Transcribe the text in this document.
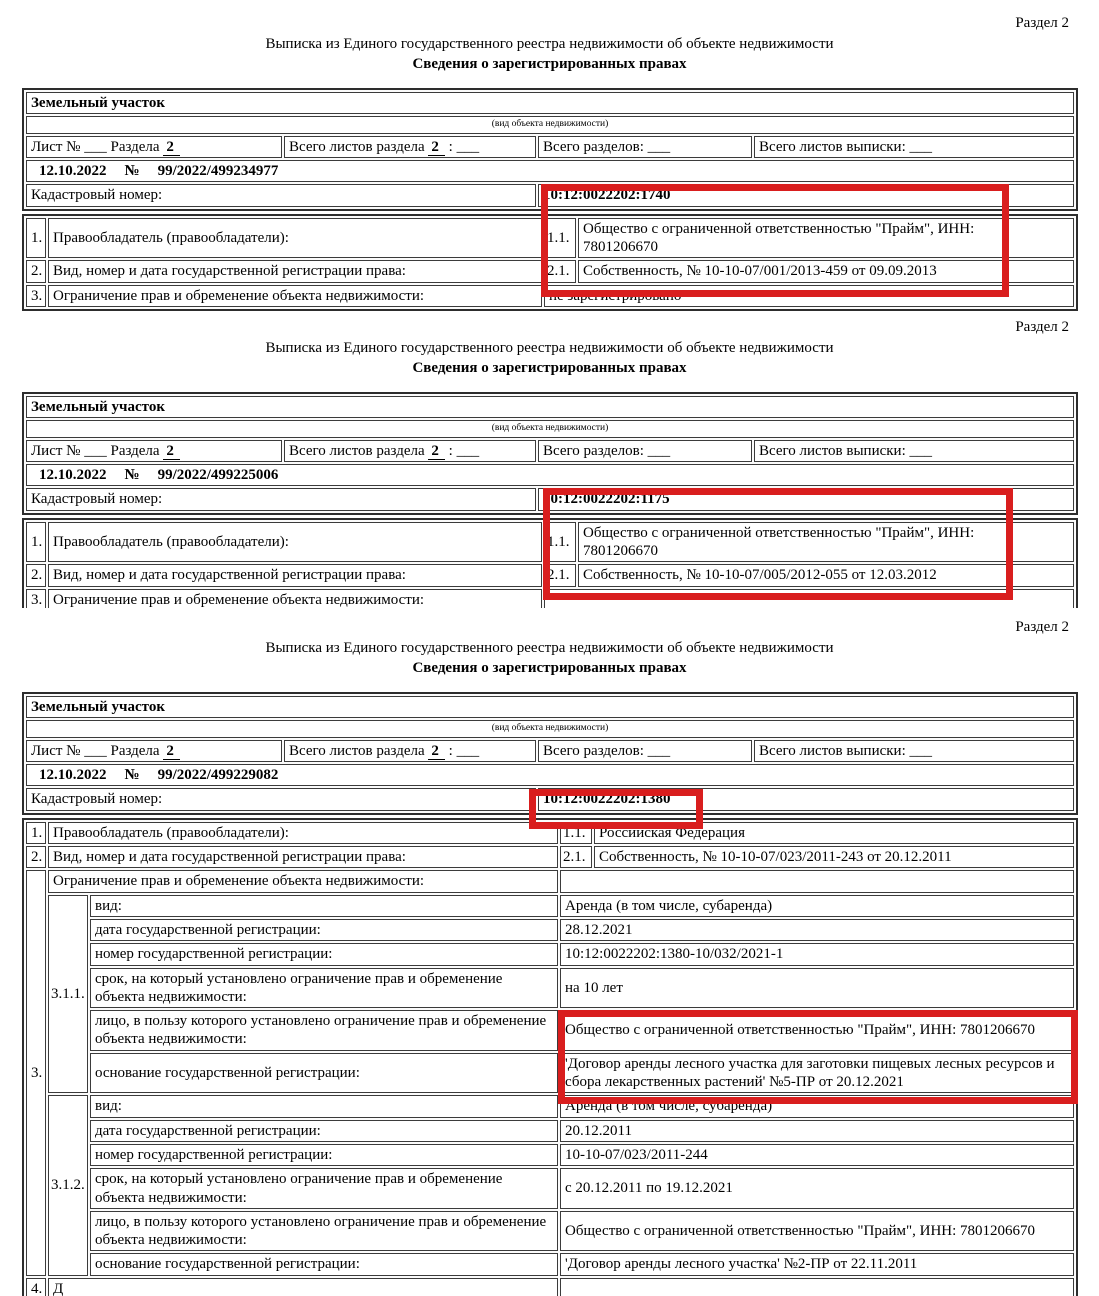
Раздел 2
Выписка из Единого государственного реестра недвижимости об объекте недвижимости
Сведения о зарегистрированных правах
Земельный участок			
(вид объекта недвижимости)			
Лист № ___ Раздела 2	Всего листов раздела 2 : ___	Всего разделов: ___	Всего листов выписки: ___
12.10.2022 № 99/2022/499234977			
Кадастровый номер:		10:12:0022202:1740	
1.	Правообладатель (правообладатели):	1.1.	Общество с ограниченной ответственностью "Прайм", ИНН: 7801206670
2.	Вид, номер и дата государственной регистрации права:	2.1.	Собственность, № 10-10-07/001/2013-459 от 09.09.2013
3.	Ограничение прав и обременение объекта недвижимости:	не зарегистрировано	
Раздел 2
Выписка из Единого государственного реестра недвижимости об объекте недвижимости
Сведения о зарегистрированных правах
Земельный участок			
(вид объекта недвижимости)			
Лист № ___ Раздела 2	Всего листов раздела 2 : ___	Всего разделов: ___	Всего листов выписки: ___
12.10.2022 № 99/2022/499225006			
Кадастровый номер:		10:12:0022202:1175	
1.	Правообладатель (правообладатели):	1.1.	Общество с ограниченной ответственностью "Прайм", ИНН: 7801206670
2.	Вид, номер и дата государственной регистрации права:	2.1.	Собственность, № 10-10-07/005/2012-055 от 12.03.2012
3.	Ограничение прав и обременение объекта недвижимости:		
Раздел 2
Выписка из Единого государственного реестра недвижимости об объекте недвижимости
Сведения о зарегистрированных правах
Земельный участок			
(вид объекта недвижимости)			
Лист № ___ Раздела 2	Всего листов раздела 2 : ___	Всего разделов: ___	Всего листов выписки: ___
12.10.2022 № 99/2022/499229082			
Кадастровый номер:		10:12:0022202:1380	
1.	Правообладатель (правообладатели):		1.1.	Российская Федерация
2.	Вид, номер и дата государственной регистрации права:		2.1.	Собственность, № 10-10-07/023/2011-243 от 20.12.2011
3.	Ограничение прав и обременение объекта недвижимости:			
	3.1.1.	вид:	Аренда (в том числе, субаренда)	
		дата государственной регистрации:	28.12.2021	
		номер государственной регистрации:	10:12:0022202:1380-10/032/2021-1	
		срок, на который установлено ограничение прав и обременение объекта недвижимости:	на 10 лет	
		лицо, в пользу которого установлено ограничение прав и обременение объекта недвижимости:	Общество с ограниченной ответственностью "Прайм", ИНН: 7801206670	
		основание государственной регистрации:	'Договор аренды лесного участка для заготовки пищевых лесных ресурсов и сбора лекарственных растений' №5-ПР от 20.12.2021	
	3.1.2.	вид:	Аренда (в том числе, субаренда)	
		дата государственной регистрации:	20.12.2011	
		номер государственной регистрации:	10-10-07/023/2011-244	
		срок, на который установлено ограничение прав и обременение объекта недвижимости:	с 20.12.2011 по 19.12.2021	
		лицо, в пользу которого установлено ограничение прав и обременение объекта недвижимости:	Общество с ограниченной ответственностью "Прайм", ИНН: 7801206670	
		основание государственной регистрации:	'Договор аренды лесного участка' №2-ПР от 22.11.2011	
4.	Д			
